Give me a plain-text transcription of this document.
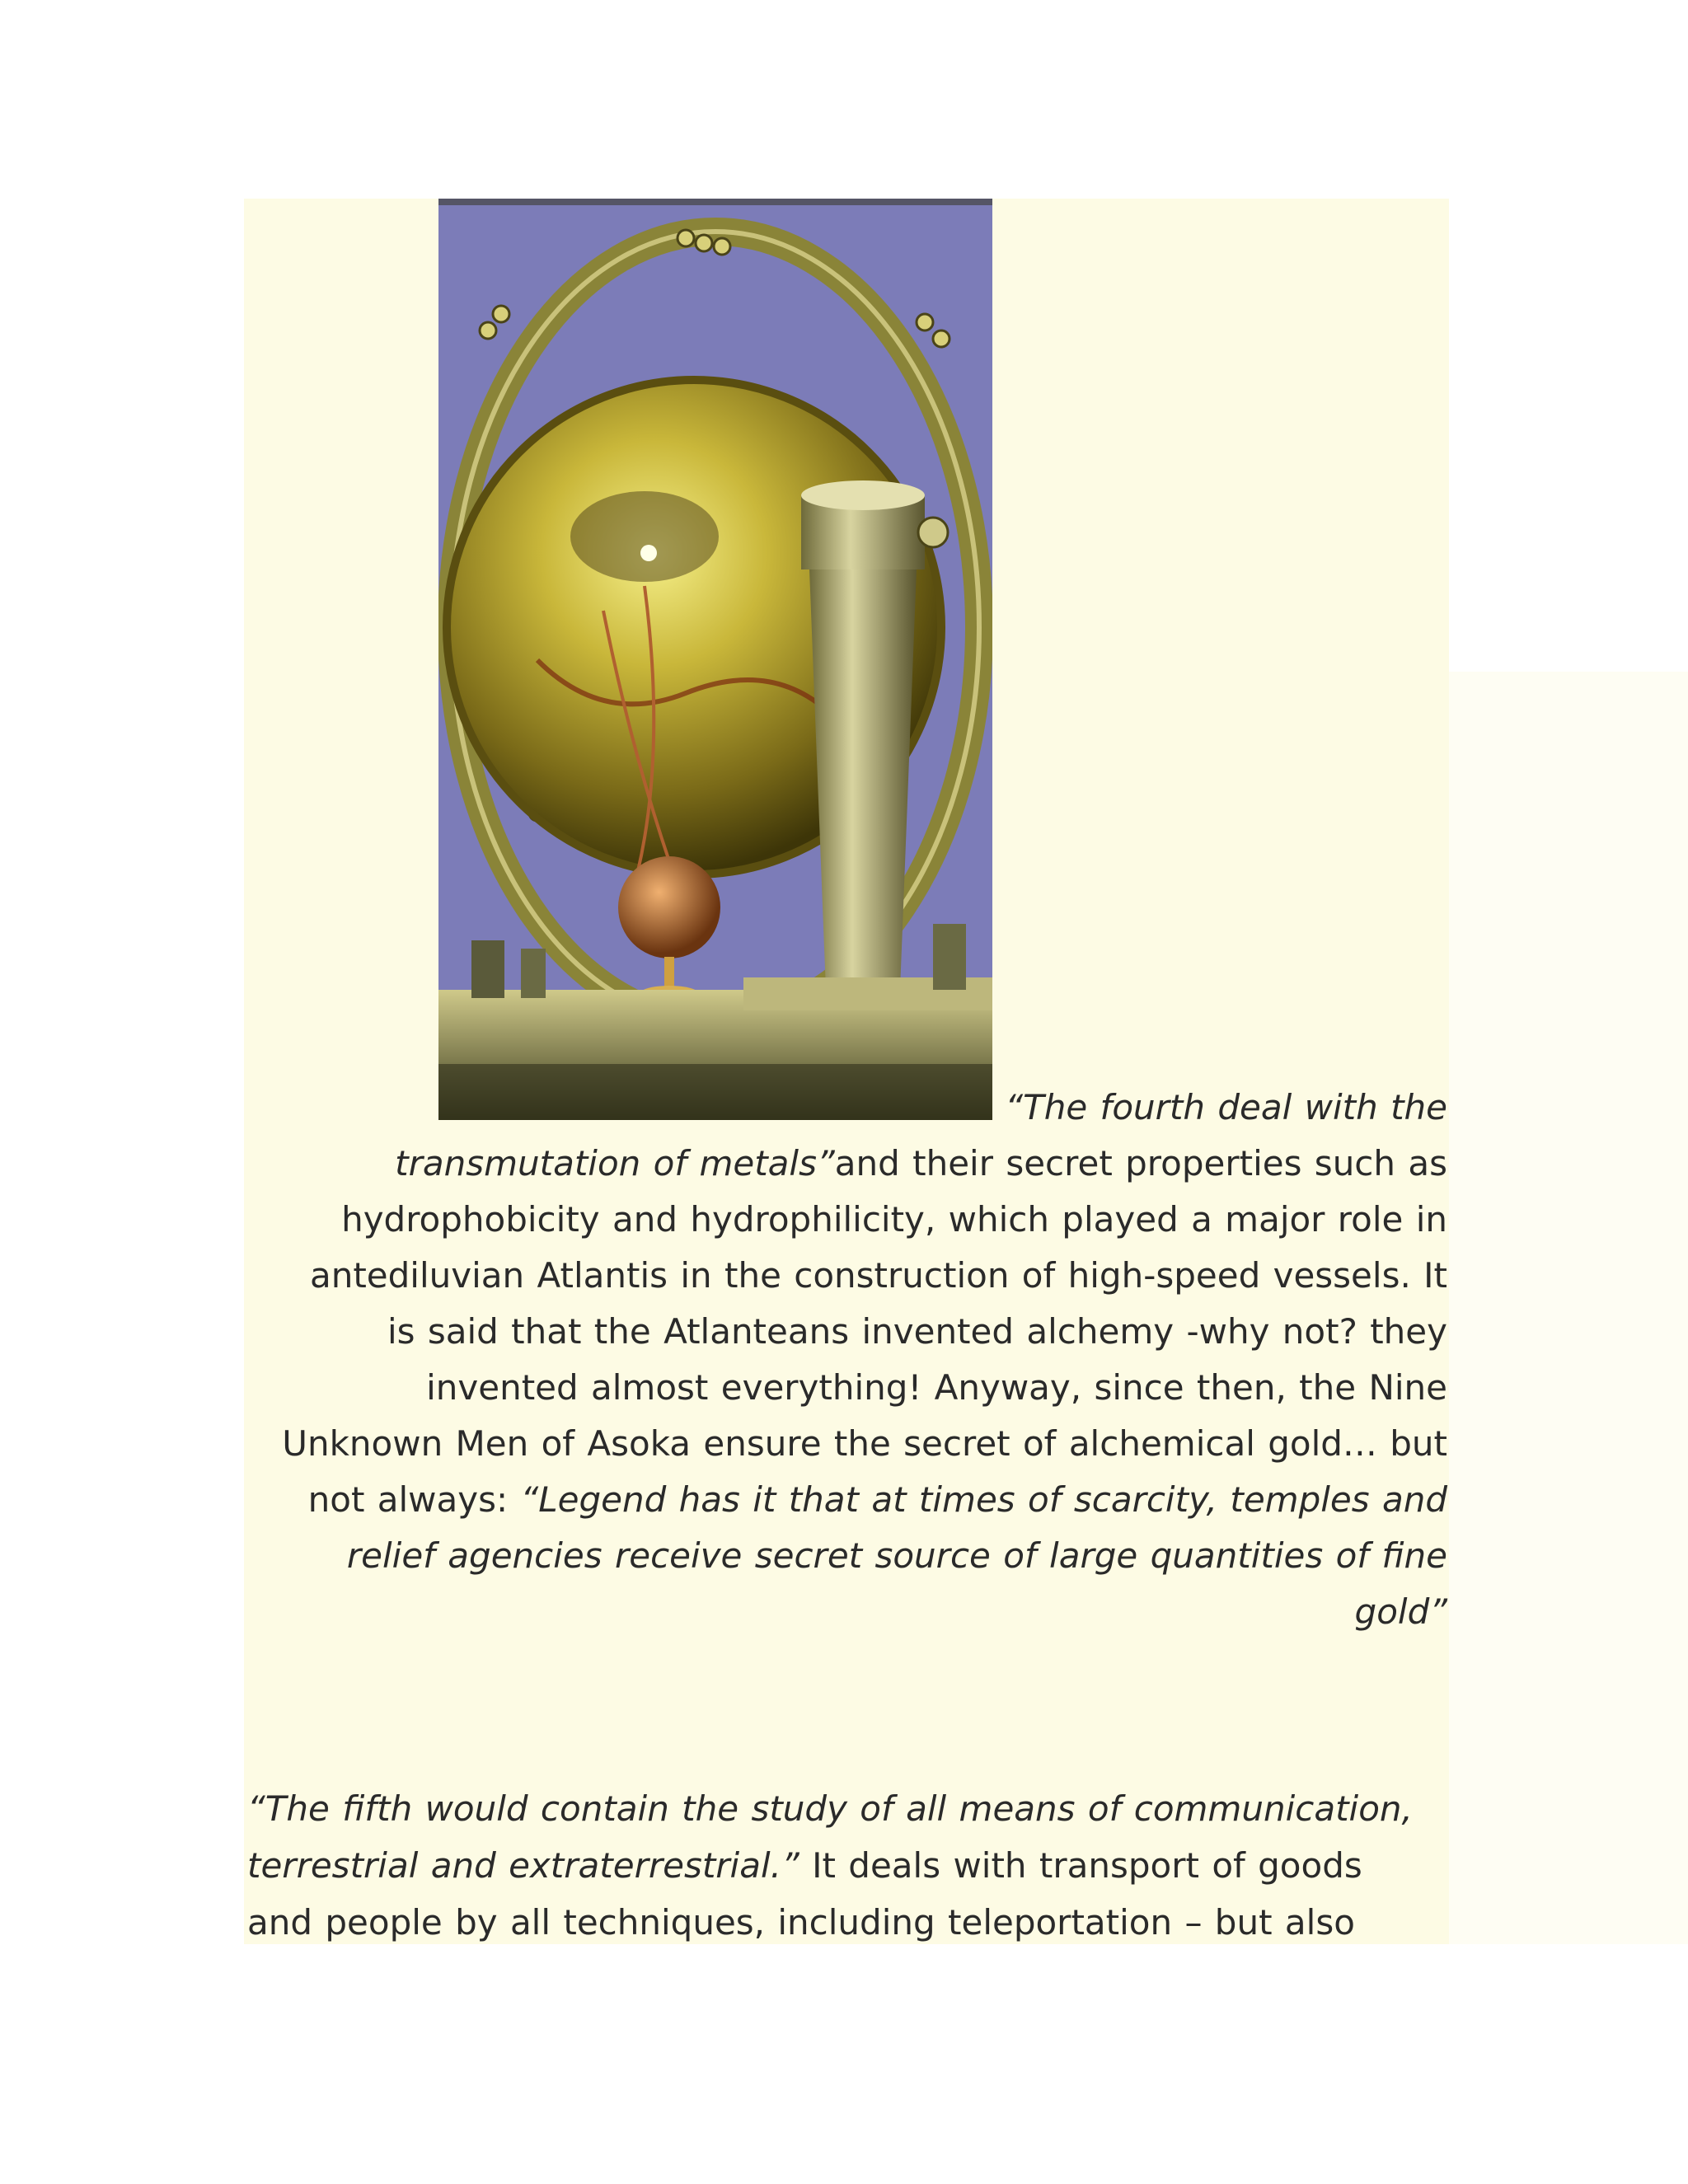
“The fourth deal with the
transmutation of metals”and their secret properties such as
hydrophobicity and hydrophilicity, which played a major role in
antediluvian Atlantis in the construction of high-speed vessels. It
is said that the Atlanteans invented alchemy -why not? they
invented almost everything! Anyway, since then, the Nine
Unknown Men of Asoka ensure the secret of alchemical gold… but
not always: “Legend has it that at times of scarcity, temples and
relief agencies receive secret source of large quantities of fine
gold”
“The fifth would contain the study of all means of communication,
terrestrial and extraterrestrial.” It deals with transport of goods
and people by all techniques, including teleportation – but also
